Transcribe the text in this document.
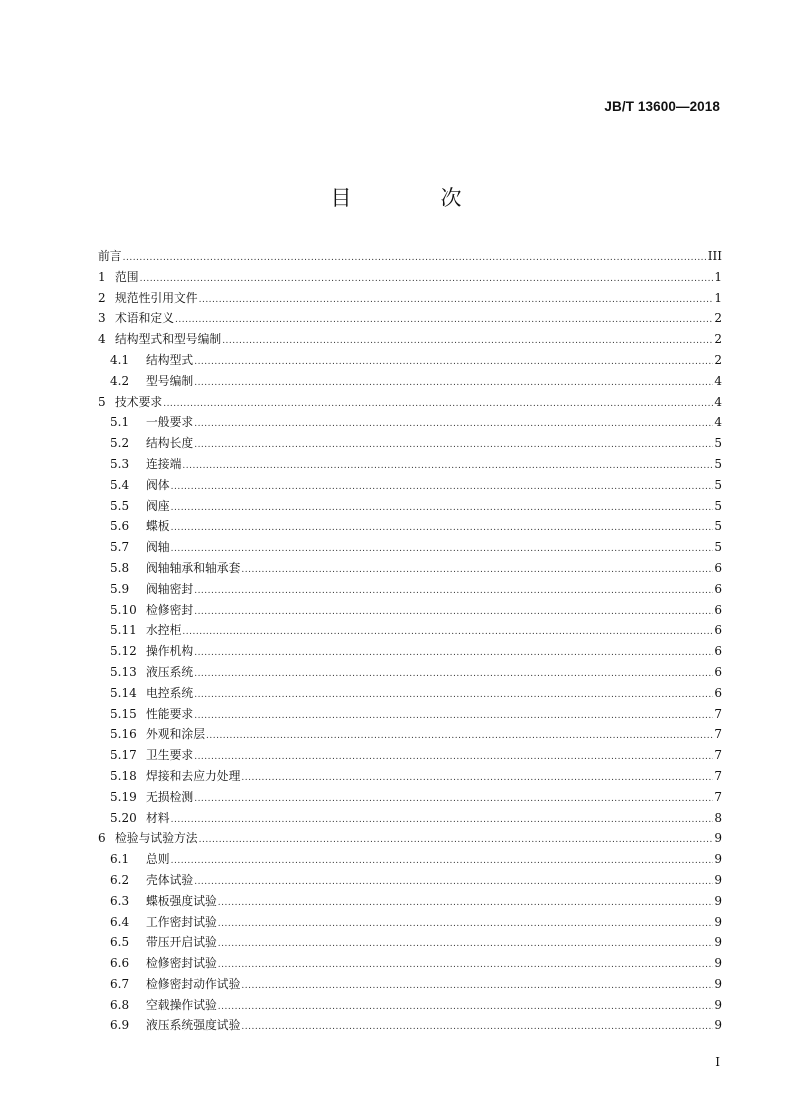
JB/T 13600—2018
目　次
前言 .....	III
1 范围 .....	1
2 规范性引用文件 .....	1
3 术语和定义 .....	2
4 结构型式和型号编制 .....	2
4.1	结构型式 .....	2
4.2	型号编制 .....	4
5 技术要求 .....	4
5.1	一般要求 .....	4
5.2	结构长度 .....	5
5.3	连接端 .....	5
5.4	阀体 .....	5
5.5	阀座 .....	5
5.6	蝶板 .....	5
5.7	阀轴 .....	5
5.8	阀轴轴承和轴承套 .....	6
5.9	阀轴密封 .....	6
5.10 检修密封 .....	6
5.11 水控柜 .....	6
5.12 操作机构 .....	6
5.13 液压系统 .....	6
5.14 电控系统 .....	6
5.15 性能要求 .....	7
5.16 外观和涂层 .....	7
5.17 卫生要求 .....	7
5.18 焊接和去应力处理 .....	7
5.19 无损检测 .....	7
5.20 材料 .....	8
6 检验与试验方法 .....	9
6.1	总则 .....	9
6.2	壳体试验 .....	9
6.3	蝶板强度试验 .....	9
6.4	工作密封试验 .....	9
6.5	带压开启试验 .....	9
6.6	检修密封试验 .....	9
6.7	检修密封动作试验 .....	9
6.8	空载操作试验 .....	9
6.9	液压系统强度试验 .....	9
I
